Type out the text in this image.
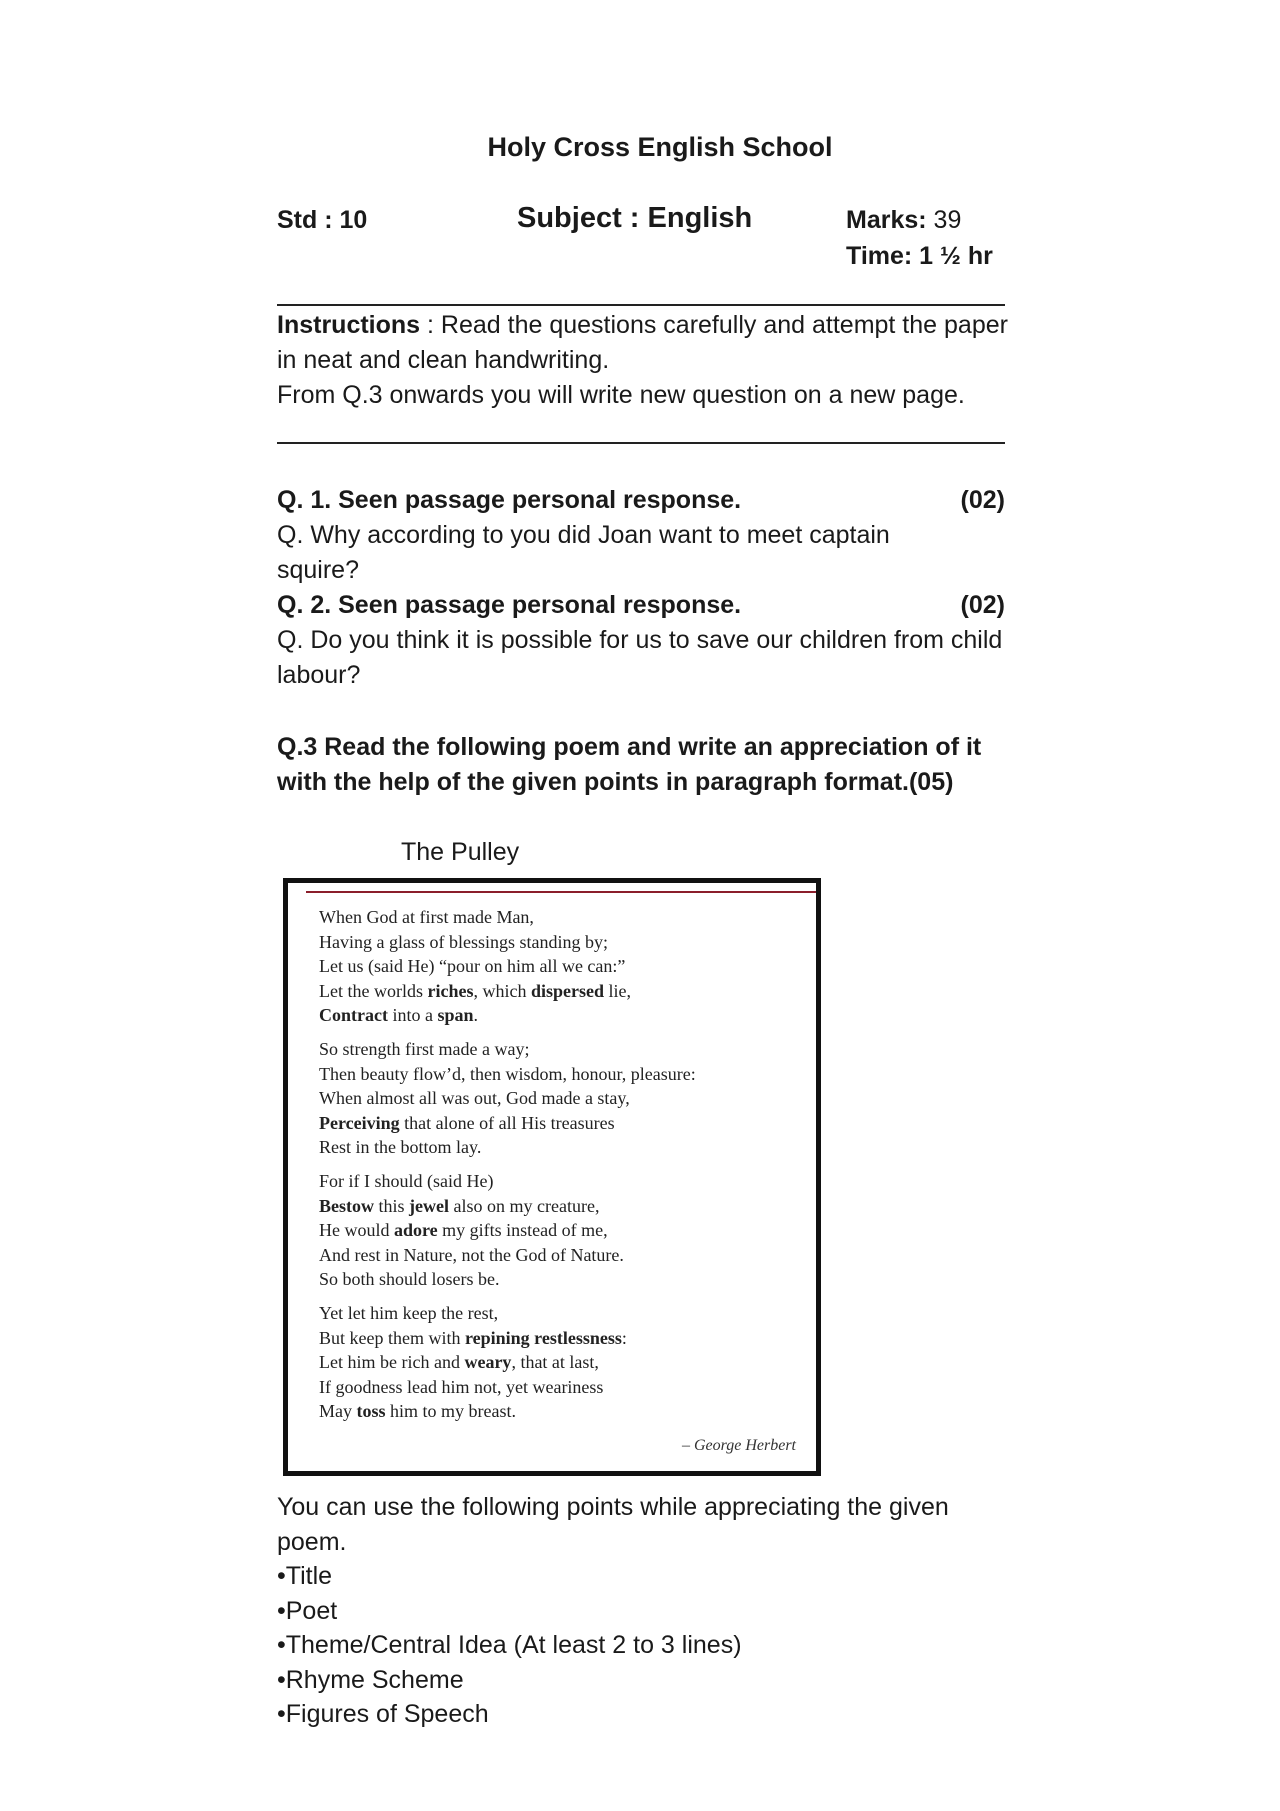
Holy Cross English School
Std : 10	Subject : English	Marks: 39
Time: 1 ½ hr
Instructions : Read the questions carefully and attempt the paper in neat and clean handwriting.
From Q.3 onwards you will write new question on a new page.
Q. 1. Seen passage personal response.	(02)
Q. Why according to you did Joan want to meet captain squire?
Q. 2. Seen passage personal response.	(02)
Q. Do you think it is possible for us to save our children from child labour?
Q.3 Read the following poem and write an appreciation of it with the help of the given points in paragraph format.(05)
The Pulley
When God at first made Man,
Having a glass of blessings standing by;
Let us (said He) “pour on him all we can:”
Let the worlds riches, which dispersed lie,
Contract into a span.
So strength first made a way;
Then beauty flow’d, then wisdom, honour, pleasure:
When almost all was out, God made a stay,
Perceiving that alone of all His treasures
Rest in the bottom lay.
For if I should (said He)
Bestow this jewel also on my creature,
He would adore my gifts instead of me,
And rest in Nature, not the God of Nature.
So both should losers be.
Yet let him keep the rest,
But keep them with repining restlessness:
Let him be rich and weary, that at last,
If goodness lead him not, yet weariness
May toss him to my breast.
– George Herbert
You can use the following points while appreciating the given poem.
•Title
•Poet
•Theme/Central Idea (At least 2 to 3 lines)
•Rhyme Scheme
•Figures of Speech
